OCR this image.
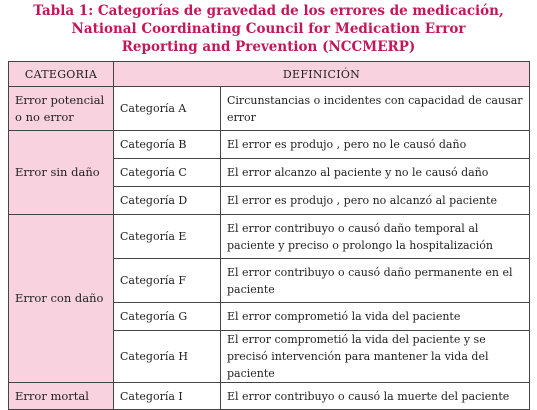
Tabla 1: Categorías de gravedad de los errores de medicación,
National Coordinating Council for Medication Error
Reporting and Prevention (NCCMERP)
CATEGORIA	DEFINICIÓN	
Error potencial o no error	Categoría A	Circunstancias o incidentes con capacidad de causar error
Error sin daño	Categoría B	El error es produjo , pero no le causó daño
	Categoría C	El error alcanzo al paciente y no le causó daño
	Categoría D	El error es produjo , pero no alcanzó al paciente
Error con daño	Categoría E	El error contribuyo o causó daño temporal al paciente y preciso o prolongo la hospitalización
	Categoría F	El error contribuyo o causó daño permanente en el paciente
	Categoría G	El error comprometió la vida del paciente
	Categoría H	El error comprometió la vida del paciente y se precisó intervención para mantener la vida del paciente
Error mortal	Categoría I	El error contribuyo o causó la muerte del paciente
